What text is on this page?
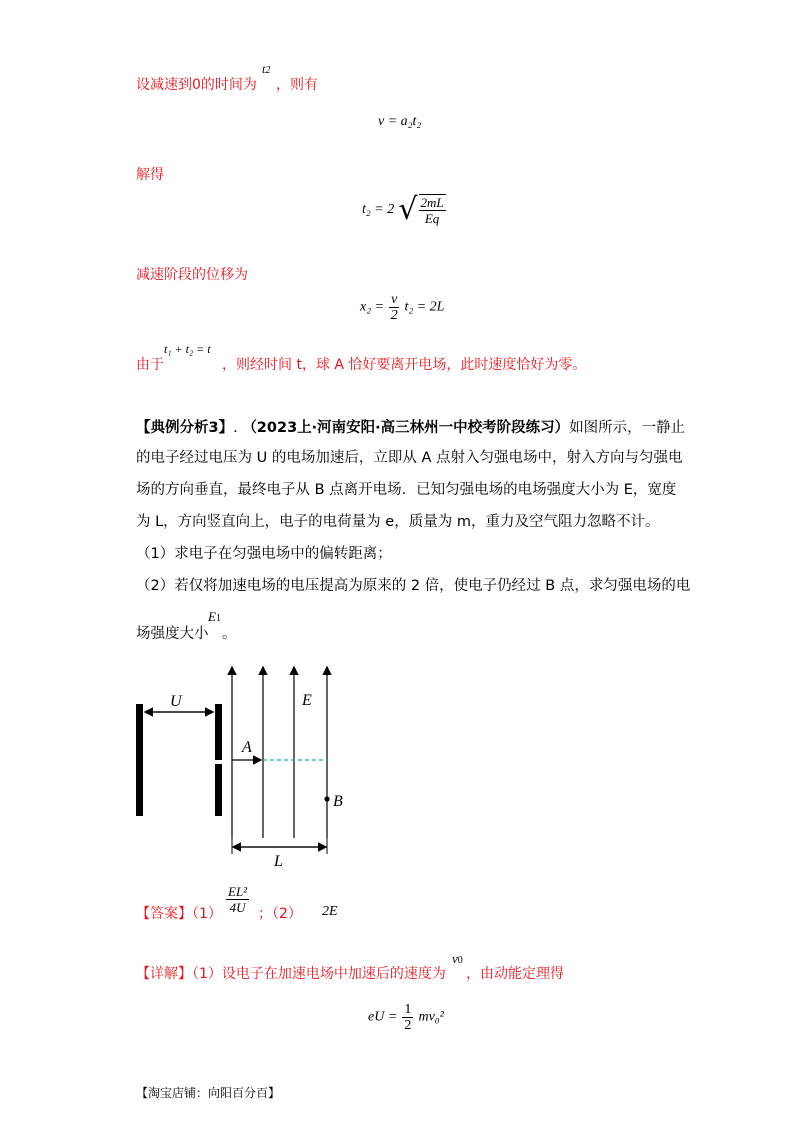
设减速到0的时间为
t2
，则有
v = a₂t₂
解得
t₂ = 2 √ $\frac{2mL}{Eq}$
减速阶段的位移为
$x_2 = \frac{v}{2} t_2 = 2L$
由于
t₁ + t₂ = t
，则经时间 t，球 A 恰好要离开电场，此时速度恰好为零。
【典例分析3】. （2023上·河南安阳·高三林州一中校考阶段练习）如图所示，一静止
的电子经过电压为 U 的电场加速后，立即从 A 点射入匀强电场中，射入方向与匀强电
场的方向垂直，最终电子从 B 点离开电场．已知匀强电场的电场强度大小为 E，宽度
为 L，方向竖直向上，电子的电荷量为 e，质量为 m，重力及空气阻力忽略不计。
（1）求电子在匀强电场中的偏转距离；
（2）若仅将加速电场的电压提高为原来的 2 倍，使电子仍经过 B 点，求匀强电场的电
场强度大小
E1
。
U	E
A
B
L
【答案】$(1) \frac{\text{EL²}}{4U}$ ；（2） 2E
【详解】（1）设电子在加速电场中加速后的速度为
v0
，由动能定理得
eU = $\frac{1}{2} mv_0^2$
【淘宝店铺：向阳百分百】
